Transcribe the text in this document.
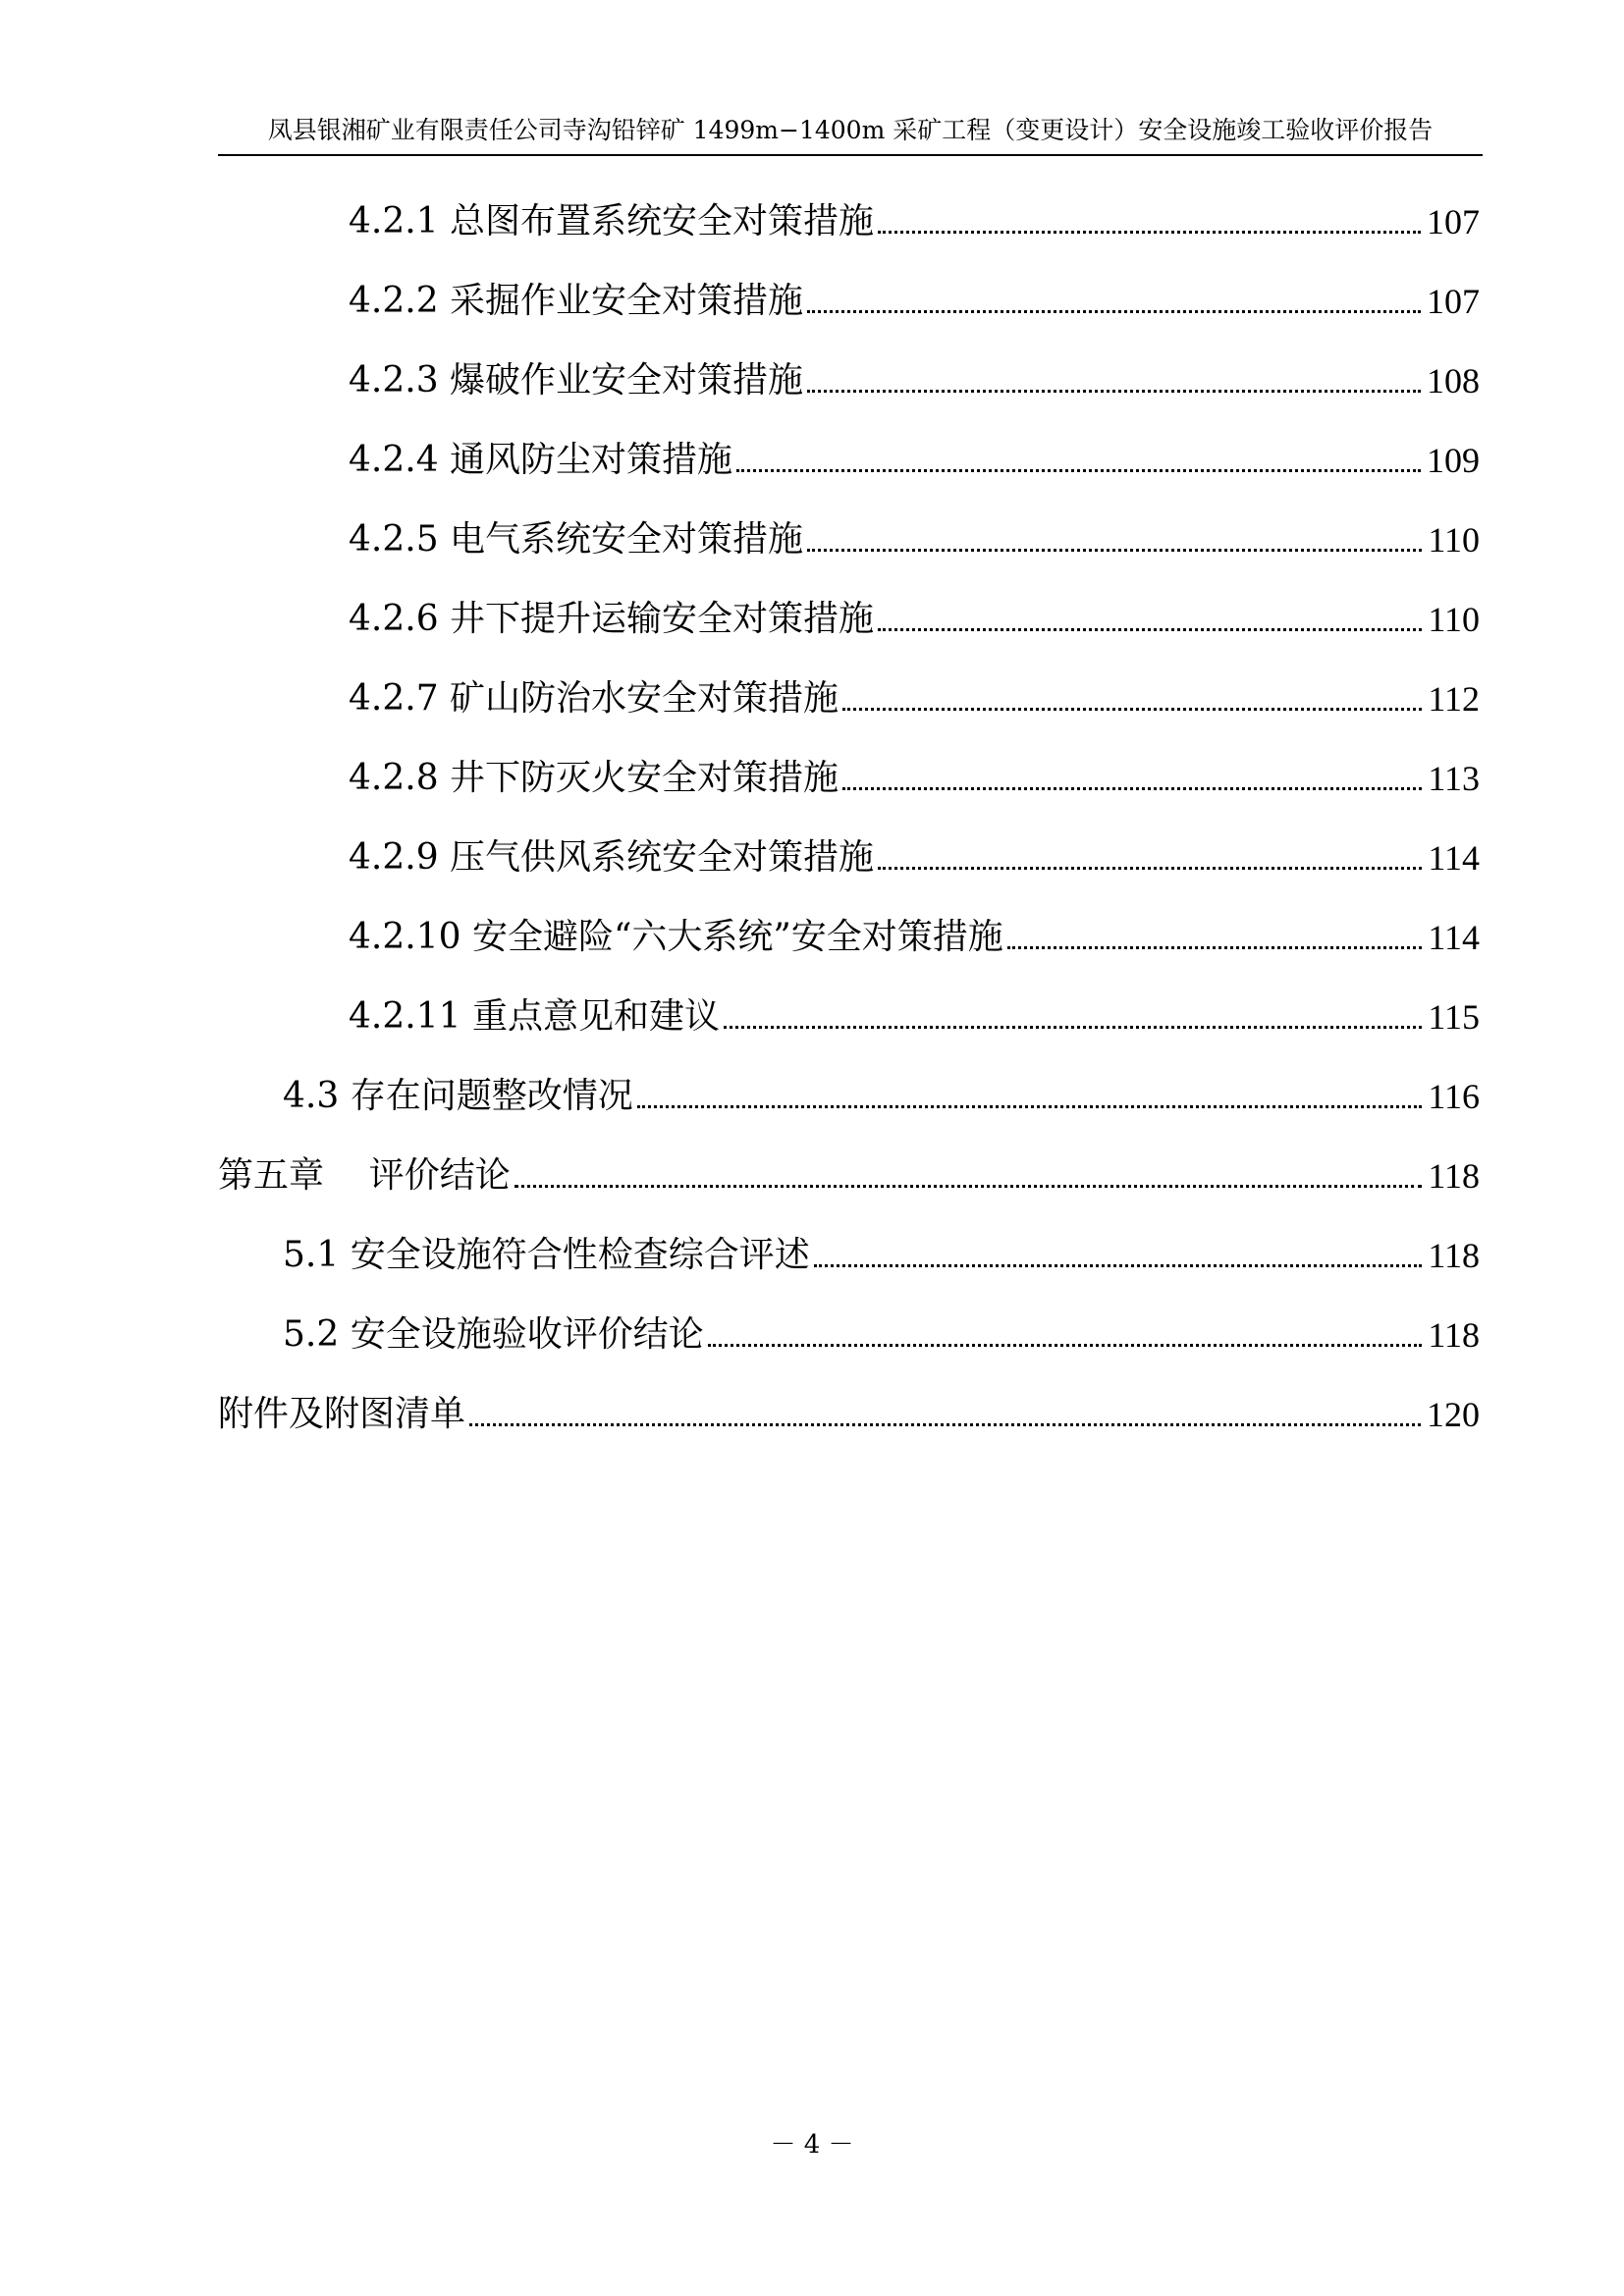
凤县银湘矿业有限责任公司寺沟铅锌矿 1499m−1400m 采矿工程（变更设计）安全设施竣工验收评价报告
4.2.1 总图布置系统安全对策措施	107
4.2.2 采掘作业安全对策措施	107
4.2.3 爆破作业安全对策措施	108
4.2.4 通风防尘对策措施	109
4.2.5 电气系统安全对策措施	110
4.2.6 井下提升运输安全对策措施	110
4.2.7 矿山防治水安全对策措施	112
4.2.8 井下防灭火安全对策措施	113
4.2.9 压气供风系统安全对策措施	114
4.2.10 安全避险“六大系统”安全对策措施	114
4.2.11 重点意见和建议	115
4.3 存在问题整改情况	116
第五章    评价结论	118
5.1 安全设施符合性检查综合评述	118
5.2 安全设施验收评价结论	118
附件及附图清单	120
－ 4 －
